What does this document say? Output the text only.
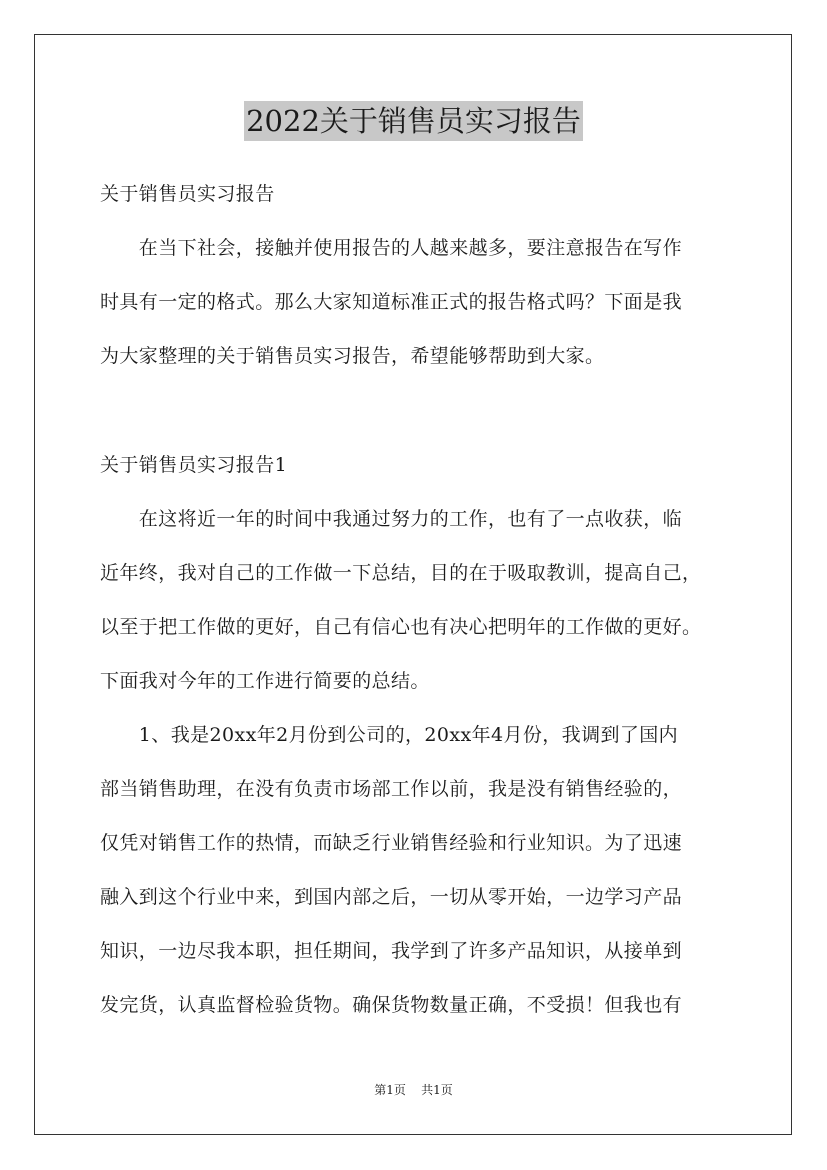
2022关于销售员实习报告
关于销售员实习报告
　　在当下社会，接触并使用报告的人越来越多，要注意报告在写作
时具有一定的格式。那么大家知道标准正式的报告格式吗？下面是我
为大家整理的关于销售员实习报告，希望能够帮助到大家。
关于销售员实习报告1
　　在这将近一年的时间中我通过努力的工作，也有了一点收获，临
近年终，我对自己的工作做一下总结，目的在于吸取教训，提高自己，
以至于把工作做的更好，自己有信心也有决心把明年的工作做的更好。
下面我对今年的工作进行简要的总结。
　　1、我是20xx年2月份到公司的，20xx年4月份，我调到了国内
部当销售助理，在没有负责市场部工作以前，我是没有销售经验的，
仅凭对销售工作的热情，而缺乏行业销售经验和行业知识。为了迅速
融入到这个行业中来，到国内部之后，一切从零开始，一边学习产品
知识，一边尽我本职，担任期间，我学到了许多产品知识，从接单到
发完货，认真监督检验货物。确保货物数量正确，不受损！但我也有
第1页 共1页
